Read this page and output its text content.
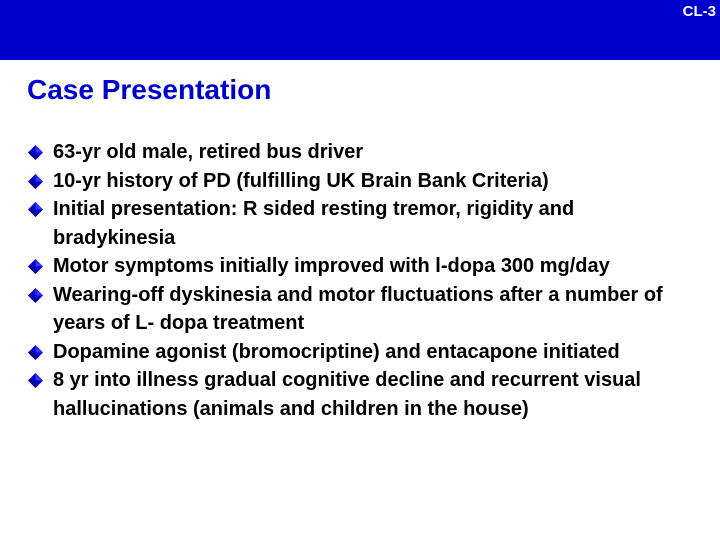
CL-3
Case Presentation
63-yr old male, retired bus driver
10-yr history of PD (fulfilling UK Brain Bank Criteria)
Initial presentation: R sided resting tremor, rigidity and bradykinesia
Motor symptoms initially improved with l-dopa 300 mg/day
Wearing-off dyskinesia and motor fluctuations after a number of years of L- dopa treatment
Dopamine agonist (bromocriptine) and entacapone initiated
8 yr into illness gradual cognitive decline and recurrent visual hallucinations (animals and children in the house)
